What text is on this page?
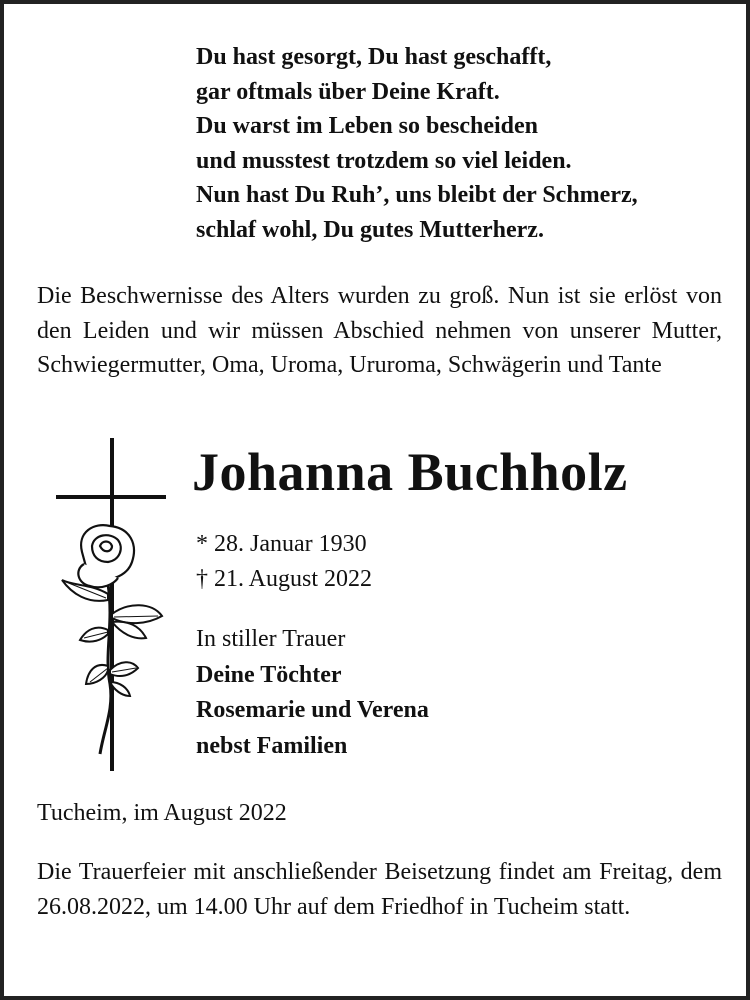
Du hast gesorgt, Du hast geschafft,
gar oftmals über Deine Kraft.
Du warst im Leben so bescheiden
und musstest trotzdem so viel leiden.
Nun hast Du Ruh’, uns bleibt der Schmerz,
schlaf wohl, Du gutes Mutterherz.
Die Beschwernisse des Alters wurden zu groß. Nun ist sie erlöst von den Leiden und wir müssen Abschied nehmen von unserer Mutter, Schwiegermutter, Oma, Uroma, Ururoma, Schwägerin und Tante
Johanna Buchholz
* 28. Januar 1930
† 21. August 2022
In stiller Trauer
Deine Töchter
Rosemarie und Verena
nebst Familien
Tucheim, im August 2022
Die Trauerfeier mit anschließender Beisetzung findet am Freitag, dem 26.08.2022, um 14.00 Uhr auf dem Friedhof in Tucheim statt.
